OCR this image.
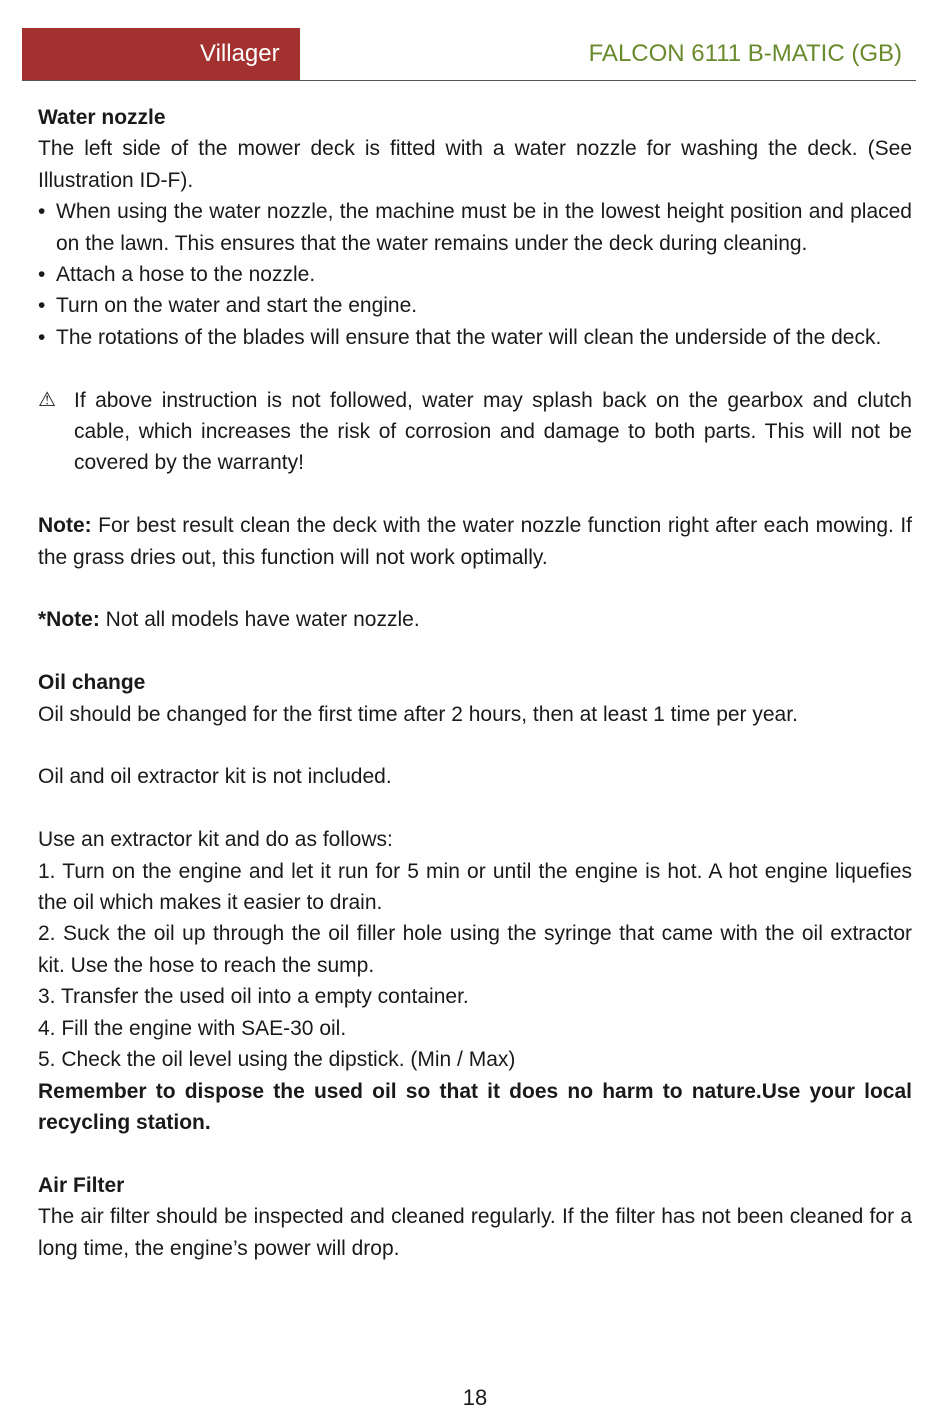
Villager	FALCON 6111 B-MATIC (GB)

Water nozzle

The left side of the mower deck is fitted with a water nozzle for washing the deck. (See Illustration ID-F).

• When using the water nozzle, the machine must be in the lowest height position and placed on the lawn. This ensures that the water remains under the deck during cleaning.
• Attach a hose to the nozzle.
• Turn on the water and start the engine.
• The rotations of the blades will ensure that the water will clean the underside of the deck.
⚠ If above instruction is not followed, water may splash back on the gearbox and clutch cable, which increases the risk of corrosion and damage to both parts. This will not be covered by the warranty!

Note: For best result clean the deck with the water nozzle function right after each mowing. If the grass dries out, this function will not work optimally.

*Note: Not all models have water nozzle.

Oil change

Oil should be changed for the first time after 2 hours, then at least 1 time per year.

Oil and oil extractor kit is not included.

Use an extractor kit and do as follows:

1. Turn on the engine and let it run for 5 min or until the engine is hot. A hot engine liquefies the oil which makes it easier to drain.

2. Suck the oil up through the oil filler hole using the syringe that came with the oil extractor kit. Use the hose to reach the sump.

3. Transfer the used oil into a empty container.

4. Fill the engine with SAE-30 oil.

5. Check the oil level using the dipstick. (Min / Max)

Remember to dispose the used oil so that it does no harm to nature.Use your local recycling station.

Air Filter

The air filter should be inspected and cleaned regularly. If the filter has not been cleaned for a long time, the engine’s power will drop.

18
